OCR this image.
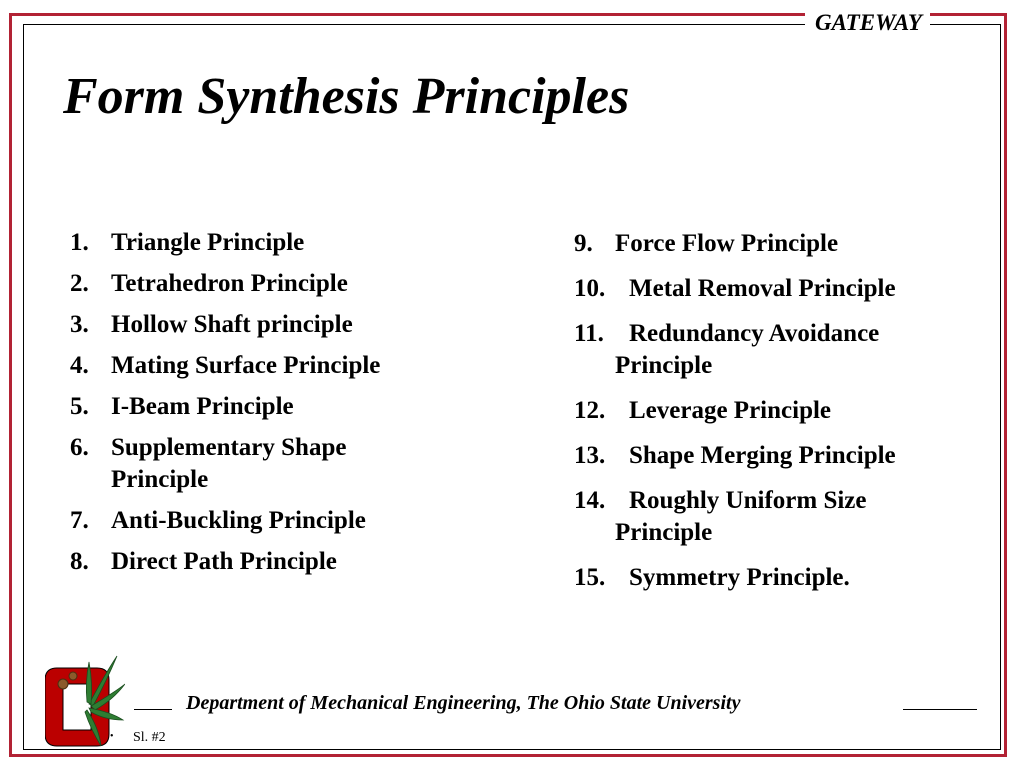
GATEWAY
Form Synthesis Principles
1. Triangle Principle
2. Tetrahedron Principle
3. Hollow Shaft principle
4. Mating Surface Principle
5. I-Beam Principle
6. Supplementary Shape Principle
7. Anti-Buckling Principle
8. Direct Path Principle
9. Force Flow Principle
10. Metal Removal Principle
11. Redundancy Avoidance Principle
12. Leverage Principle
13. Shape Merging Principle
14. Roughly Uniform Size Principle
15. Symmetry Principle.
Department of Mechanical Engineering, The Ohio State University
• Sl. #2
